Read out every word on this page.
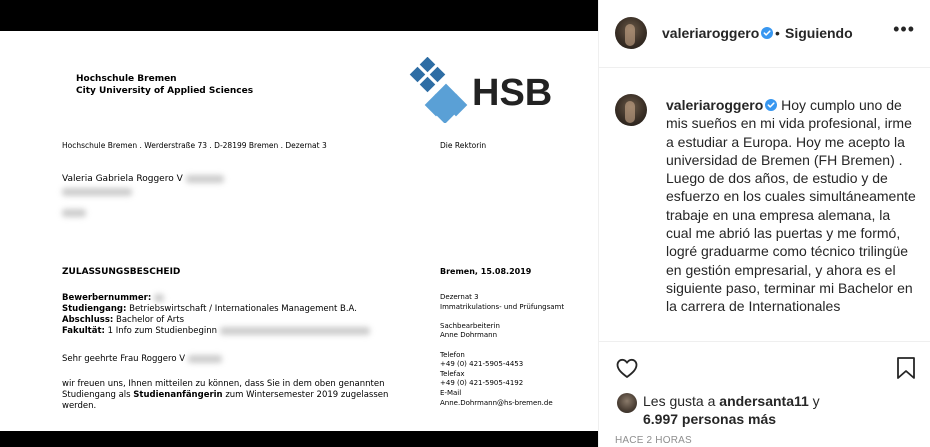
Hochschule Bremen
City University of Applied Sciences	HSB
Hochschule Bremen . Werderstraße 73 . D-28199 Bremen . Dezernat 3	Die Rektorin
Valeria Gabriela Roggero V
ZULASSUNGSBESCHEID	Bremen, 15.08.2019
Bewerbernummer:
Studiengang: Betriebswirtschaft / Internationales Management B.A.
Abschluss: Bachelor of Arts
Fakultät: 1 Info zum Studienbeginn
Dezernat 3
Immatrikulations- und Prüfungsamt

Sachbearbeiterin
Anne Dohrmann

Telefon
+49 (0) 421-5905-4453
Telefax
+49 (0) 421-5905-4192
E-Mail
Anne.Dohrmann@hs-bremen.de
Sehr geehrte Frau Roggero V
wir freuen uns, Ihnen mitteilen zu können, dass Sie in dem oben genannten
Studiengang als Studienanfängerin zum Wintersemester 2019 zugelassen
werden.
valeriaroggero	• Siguiendo •••
valeriaroggero Hoy cumplo uno de mis sueños en mi vida profesional, irme a estudiar a Europa. Hoy me acepto la universidad de Bremen (FH Bremen) .
Luego de dos años, de estudio y de esfuerzo en los cuales simultáneamente trabaje en una empresa alemana, la cual me abrió las puertas y me formó, logré graduarme como técnico trilingüe en gestión empresarial, y ahora es el siguiente paso, terminar mi Bachelor en la carrera de Internationales
Les gusta a andersanta11 y
6.997 personas más
HACE 2 HORAS
